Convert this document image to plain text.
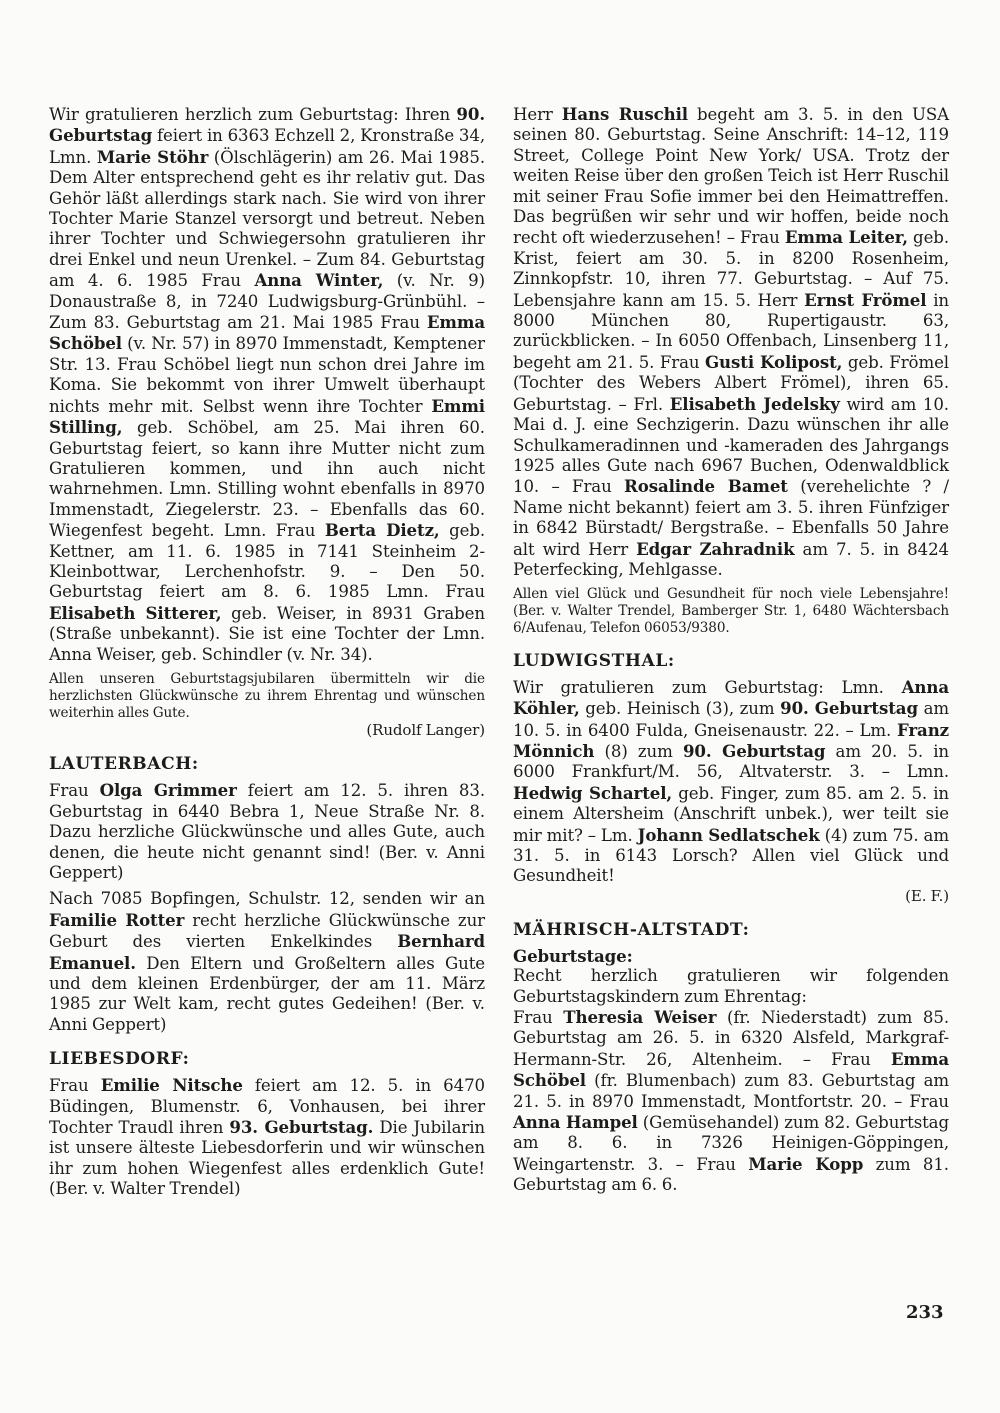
Wir gratulieren herzlich zum Geburtstag: Ihren 90. Geburtstag feiert in 6363 Echzell 2, Kronstraße 34, Lmn. Marie Stöhr (Ölschlägerin) am 26. Mai 1985. Dem Alter entsprechend geht es ihr relativ gut. Das Gehör läßt allerdings stark nach. Sie wird von ihrer Tochter Marie Stanzel versorgt und betreut. Neben ihrer Tochter und Schwiegersohn gratulieren ihr drei Enkel und neun Urenkel. – Zum 84. Geburtstag am 4. 6. 1985 Frau Anna Winter, (v. Nr. 9) Donaustraße 8, in 7240 Ludwigsburg-Grünbühl. – Zum 83. Geburtstag am 21. Mai 1985 Frau Emma Schöbel (v. Nr. 57) in 8970 Immenstadt, Kemptener Str. 13. Frau Schöbel liegt nun schon drei Jahre im Koma. Sie bekommt von ihrer Umwelt überhaupt nichts mehr mit. Selbst wenn ihre Tochter Emmi Stilling, geb. Schöbel, am 25. Mai ihren 60. Geburtstag feiert, so kann ihre Mutter nicht zum Gratulieren kommen, und ihn auch nicht wahrnehmen. Lmn. Stilling wohnt ebenfalls in 8970 Immenstadt, Ziegelerstr. 23. – Ebenfalls das 60. Wiegenfest begeht. Lmn. Frau Berta Dietz, geb. Kettner, am 11. 6. 1985 in 7141 Steinheim 2-Kleinbottwar, Lerchenhofstr. 9. – Den 50. Geburtstag feiert am 8. 6. 1985 Lmn. Frau Elisabeth Sitterer, geb. Weiser, in 8931 Graben (Straße unbekannt). Sie ist eine Tochter der Lmn. Anna Weiser, geb. Schindler (v. Nr. 34).

Allen unseren Geburtstagsjubilaren übermitteln wir die herzlichsten Glückwünsche zu ihrem Ehrentag und wünschen weiterhin alles Gute.

(Rudolf Langer)

LAUTERBACH:

Frau Olga Grimmer feiert am 12. 5. ihren 83. Geburtstag in 6440 Bebra 1, Neue Straße Nr. 8. Dazu herzliche Glückwünsche und alles Gute, auch denen, die heute nicht genannt sind! (Ber. v. Anni Geppert)

Nach 7085 Bopfingen, Schulstr. 12, senden wir an Familie Rotter recht herzliche Glückwünsche zur Geburt des vierten Enkelkindes Bernhard Emanuel. Den Eltern und Großeltern alles Gute und dem kleinen Erdenbürger, der am 11. März 1985 zur Welt kam, recht gutes Gedeihen! (Ber. v. Anni Geppert)

LIEBESDORF:

Frau Emilie Nitsche feiert am 12. 5. in 6470 Büdingen, Blumenstr. 6, Vonhausen, bei ihrer Tochter Traudl ihren 93. Geburtstag. Die Jubilarin ist unsere älteste Liebesdorferin und wir wünschen ihr zum hohen Wiegenfest alles erdenklich Gute! (Ber. v. Walter Trendel)

Herr Hans Ruschil begeht am 3. 5. in den USA seinen 80. Geburtstag. Seine Anschrift: 14–12, 119 Street, College Point New York/ USA. Trotz der weiten Reise über den großen Teich ist Herr Ruschil mit seiner Frau Sofie immer bei den Heimattreffen. Das begrüßen wir sehr und wir hoffen, beide noch recht oft wiederzusehen! – Frau Emma Leiter, geb. Krist, feiert am 30. 5. in 8200 Rosenheim, Zinnkopfstr. 10, ihren 77. Geburtstag. – Auf 75. Lebensjahre kann am 15. 5. Herr Ernst Frömel in 8000 München 80, Rupertigaustr. 63, zurückblicken. – In 6050 Offenbach, Linsenberg 11, begeht am 21. 5. Frau Gusti Kolipost, geb. Frömel (Tochter des Webers Albert Frömel), ihren 65. Geburtstag. – Frl. Elisabeth Jedelsky wird am 10. Mai d. J. eine Sechzigerin. Dazu wünschen ihr alle Schulkameradinnen und -kameraden des Jahrgangs 1925 alles Gute nach 6967 Buchen, Odenwaldblick 10. – Frau Rosalinde Bamet (verehelichte ? / Name nicht bekannt) feiert am 3. 5. ihren Fünfziger in 6842 Bürstadt/ Bergstraße. – Ebenfalls 50 Jahre alt wird Herr Edgar Zahradnik am 7. 5. in 8424 Peterfecking, Mehlgasse.

Allen viel Glück und Gesundheit für noch viele Lebensjahre! (Ber. v. Walter Trendel, Bamberger Str. 1, 6480 Wächtersbach 6/Aufenau, Telefon 06053/9380.

LUDWIGSTHAL:

Wir gratulieren zum Geburtstag: Lmn. Anna Köhler, geb. Heinisch (3), zum 90. Geburtstag am 10. 5. in 6400 Fulda, Gneisenaustr. 22. – Lm. Franz Mönnich (8) zum 90. Geburtstag am 20. 5. in 6000 Frankfurt/M. 56, Altvaterstr. 3. – Lmn. Hedwig Schartel, geb. Finger, zum 85. am 2. 5. in einem Altersheim (Anschrift unbek.), wer teilt sie mir mit? – Lm. Johann Sedlatschek (4) zum 75. am 31. 5. in 6143 Lorsch? Allen viel Glück und Gesundheit!

(E. F.)

MÄHRISCH-ALTSTADT:
Geburtstage:

Recht herzlich gratulieren wir folgenden Geburtstagskindern zum Ehrentag:

Frau Theresia Weiser (fr. Niederstadt) zum 85. Geburtstag am 26. 5. in 6320 Alsfeld, Markgraf-Hermann-Str. 26, Altenheim. – Frau Emma Schöbel (fr. Blumenbach) zum 83. Geburtstag am 21. 5. in 8970 Immenstadt, Montfortstr. 20. – Frau Anna Hampel (Gemüsehandel) zum 82. Geburtstag am 8. 6. in 7326 Heinigen-Göppingen, Weingartenstr. 3. – Frau Marie Kopp zum 81. Geburtstag am 6. 6.

233
